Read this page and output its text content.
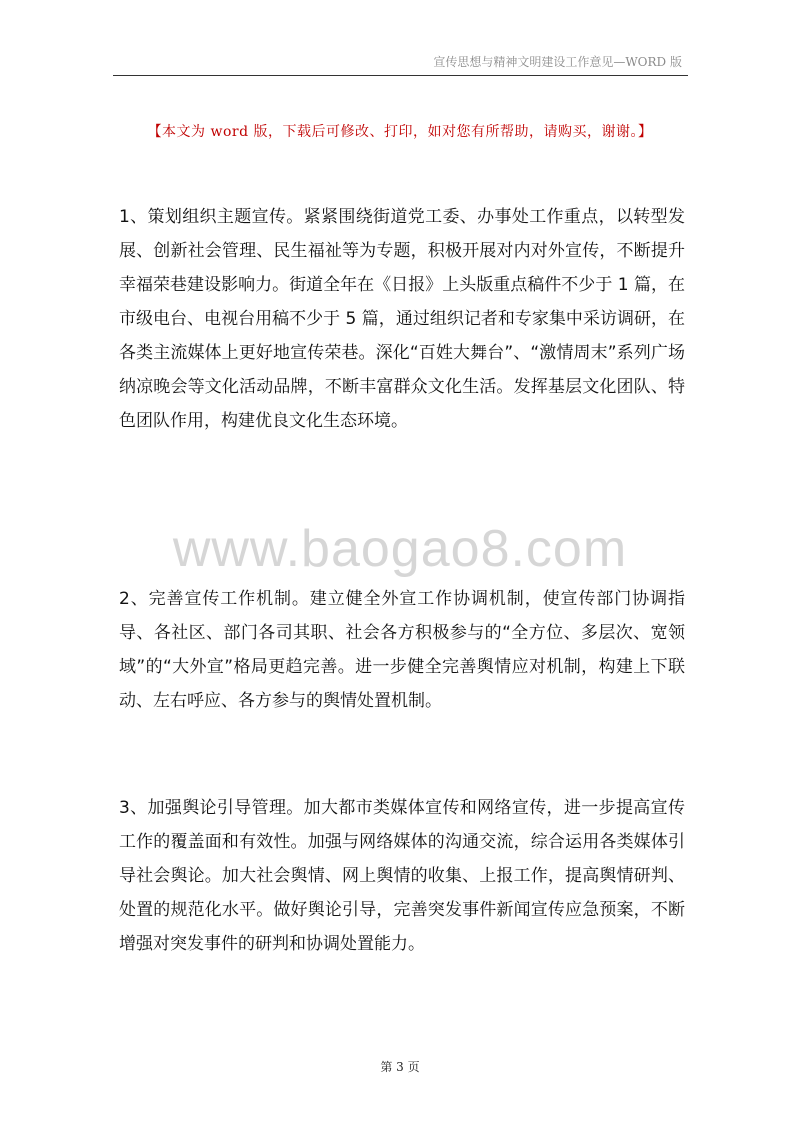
宣传思想与精神文明建设工作意见—WORD 版
【本文为 word 版，下载后可修改、打印，如对您有所帮助，请购买，谢谢。】

1、策划组织主题宣传。紧紧围绕街道党工委、办事处工作重点，以转型发展、创新社会管理、民生福祉等为专题，积极开展对内对外宣传，不断提升幸福荣巷建设影响力。街道全年在《日报》上头版重点稿件不少于 1 篇，在市级电台、电视台用稿不少于 5 篇，通过组织记者和专家集中采访调研，在各类主流媒体上更好地宣传荣巷。深化“百姓大舞台”、“激情周末”系列广场纳凉晚会等文化活动品牌，不断丰富群众文化生活。发挥基层文化团队、特色团队作用，构建优良文化生态环境。

www.baogao8.com

2、完善宣传工作机制。建立健全外宣工作协调机制，使宣传部门协调指导、各社区、部门各司其职、社会各方积极参与的“全方位、多层次、宽领域”的“大外宣”格局更趋完善。进一步健全完善舆情应对机制，构建上下联动、左右呼应、各方参与的舆情处置机制。

3、加强舆论引导管理。加大都市类媒体宣传和网络宣传，进一步提高宣传工作的覆盖面和有效性。加强与网络媒体的沟通交流，综合运用各类媒体引导社会舆论。加大社会舆情、网上舆情的收集、上报工作，提高舆情研判、处置的规范化水平。做好舆论引导，完善突发事件新闻宣传应急预案，不断增强对突发事件的研判和协调处置能力。

第 3 页
